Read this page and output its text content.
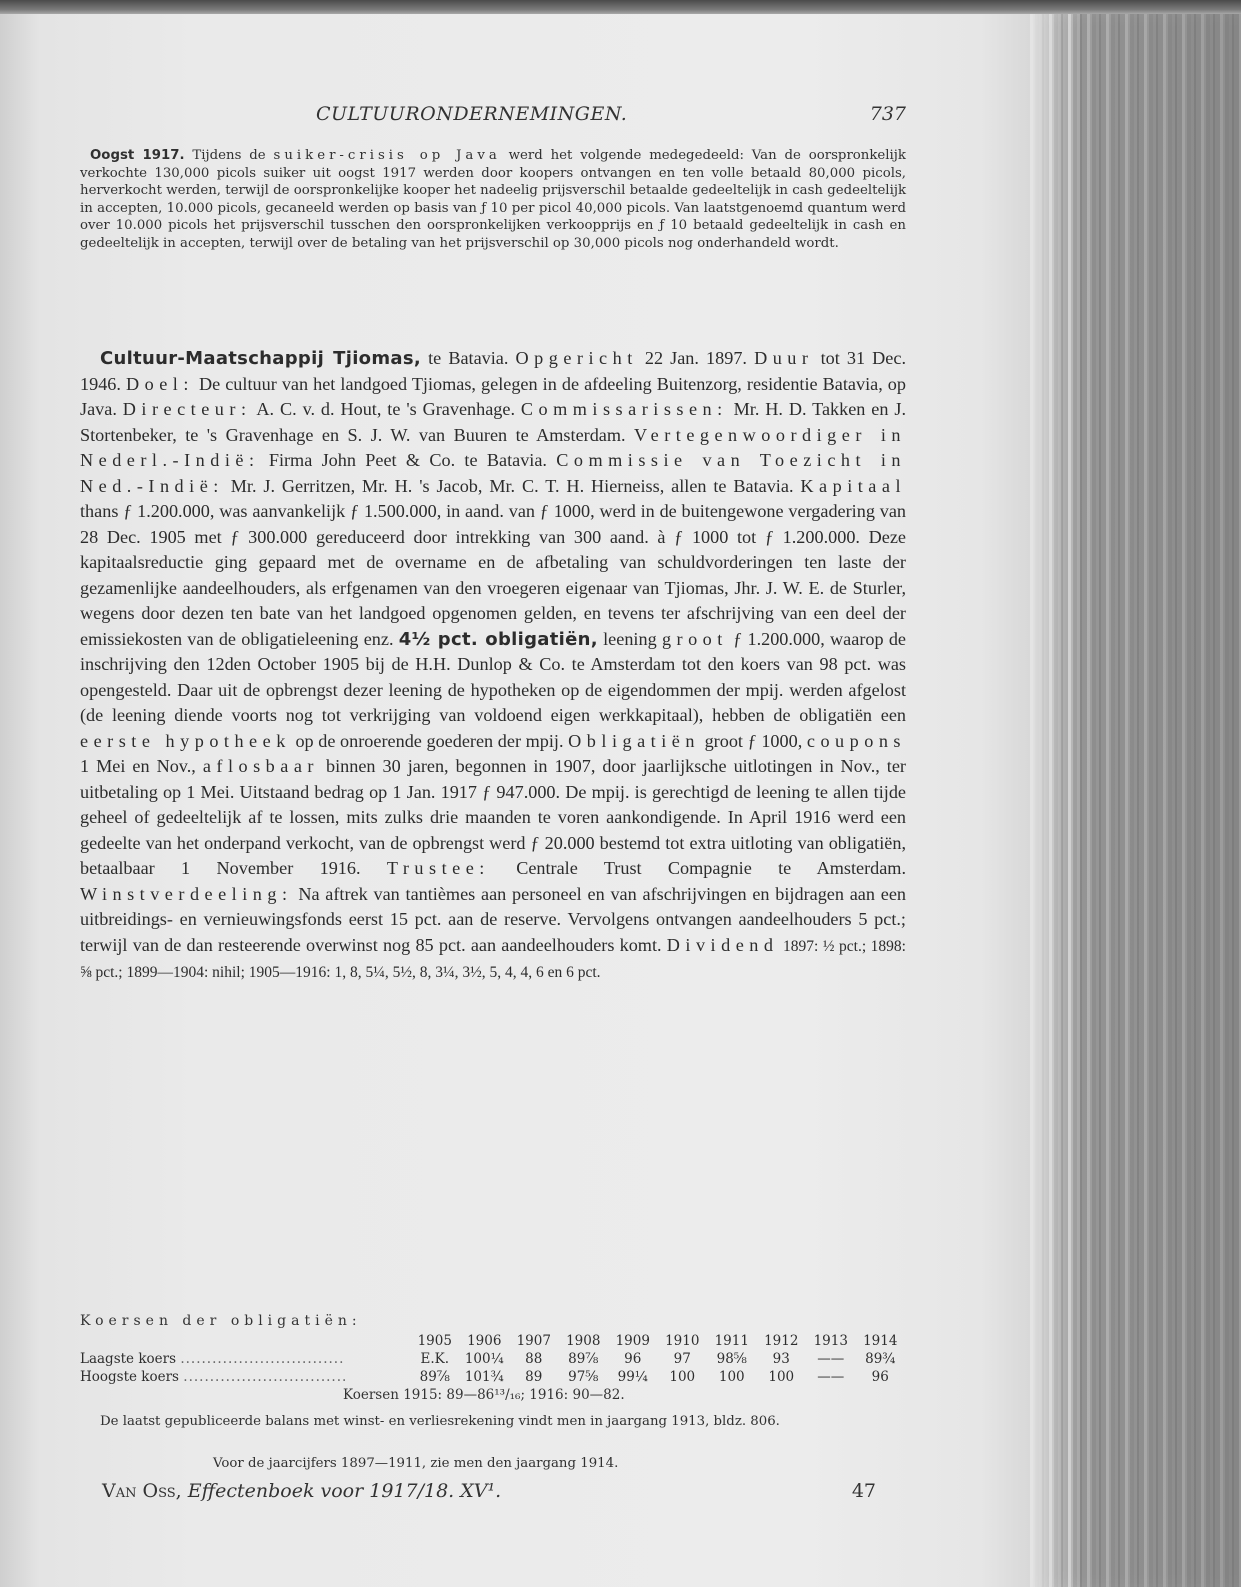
CULTUURONDERNEMINGEN.	737

Oogst 1917. Tijdens de suiker-crisis op Java werd het volgende medegedeeld: Van de oorspronkelijk verkochte 130,000 picols suiker uit oogst 1917 werden door koopers ontvangen en ten volle betaald 80,000 picols, herverkocht werden, terwijl de oorspronkelijke kooper het nadeelig prijsverschil betaalde gedeeltelijk in cash gedeeltelijk in accepten, 10.000 picols, gecaneeld werden op basis van ƒ 10 per picol 40,000 picols. Van laatstgenoemd quantum werd over 10.000 picols het prijsverschil tusschen den oorspronkelijken verkoopprijs en ƒ 10 betaald gedeeltelijk in cash en gedeeltelijk in accepten, terwijl over de betaling van het prijsverschil op 30,000 picols nog onderhandeld wordt.

Cultuur-Maatschappij Tjiomas, te Batavia. Opgericht 22 Jan. 1897. Duur tot 31 Dec. 1946. Doel: De cultuur van het landgoed Tjiomas, gelegen in de afdeeling Buitenzorg, residentie Batavia, op Java. Directeur: A. C. v. d. Hout, te 's Gravenhage. Commissarissen: Mr. H. D. Takken en J. Stortenbeker, te 's Gravenhage en S. J. W. van Buuren te Amsterdam. Vertegenwoordiger in Nederl.-Indië: Firma John Peet & Co. te Batavia. Commissie van Toezicht in Ned.-Indië: Mr. J. Gerritzen, Mr. H. 's Jacob, Mr. C. T. H. Hierneiss, allen te Batavia. Kapitaal thans ƒ 1.200.000, was aanvankelijk ƒ 1.500.000, in aand. van ƒ 1000, werd in de buitengewone vergadering van 28 Dec. 1905 met ƒ 300.000 gereduceerd door intrekking van 300 aand. à ƒ 1000 tot ƒ 1.200.000. Deze kapitaalsreductie ging gepaard met de overname en de afbetaling van schuldvorderingen ten laste der gezamenlijke aandeelhouders, als erfgenamen van den vroegeren eigenaar van Tjiomas, Jhr. J. W. E. de Sturler, wegens door dezen ten bate van het landgoed opgenomen gelden, en tevens ter afschrijving van een deel der emissiekosten van de obligatieleening enz. 4½ pct. obligatiën, leening groot ƒ 1.200.000, waarop de inschrijving den 12den October 1905 bij de H.H. Dunlop & Co. te Amsterdam tot den koers van 98 pct. was opengesteld. Daar uit de opbrengst dezer leening de hypotheken op de eigendommen der mpij. werden afgelost (de leening diende voorts nog tot verkrijging van voldoend eigen werkkapitaal), hebben de obligatiën een eerste hypotheek op de onroerende goederen der mpij. Obligatiën groot ƒ 1000, coupons 1 Mei en Nov., aflosbaar binnen 30 jaren, begonnen in 1907, door jaarlijksche uitlotingen in Nov., ter uitbetaling op 1 Mei. Uitstaand bedrag op 1 Jan. 1917 ƒ 947.000. De mpij. is gerechtigd de leening te allen tijde geheel of gedeeltelijk af te lossen, mits zulks drie maanden te voren aankondigende. In April 1916 werd een gedeelte van het onderpand verkocht, van de opbrengst werd ƒ 20.000 bestemd tot extra uitloting van obligatiën, betaalbaar 1 November 1916. Trustee: Centrale Trust Compagnie te Amsterdam. Winstverdeeling: Na aftrek van tantièmes aan personeel en van afschrijvingen en bijdragen aan een uitbreidings- en vernieuwingsfonds eerst 15 pct. aan de reserve. Vervolgens ontvangen aandeelhouders 5 pct.; terwijl van de dan resteerende overwinst nog 85 pct. aan aandeelhouders komt. Dividend 1897: ½ pct.; 1898: ⅝ pct.; 1899—1904: nihil; 1905—1916: 1, 8, 5¼, 5½, 8, 3¼, 3½, 5, 4, 4, 6 en 6 pct.

Koersen der obligatiën:
	1905	1906	1907	1908	1909	1910	1911	1912	1913	1914
Laagste koers ...............................	E.K.	100¼	88	89⅞	96	97	98⅝	93	——	89¾
Hoogste koers ...............................	89⅞	101¾	89	97⅝	99¼	100	100	100	——	96
Koersen 1915: 89—86¹³/₁₆; 1916: 90—82.

De laatst gepubliceerde balans met winst- en verliesrekening vindt men in jaargang 1913, bldz. 806.

Voor de jaarcijfers 1897—1911, zie men den jaargang 1914.
Van Oss, Effectenboek voor 1917/18. XV¹.	47
